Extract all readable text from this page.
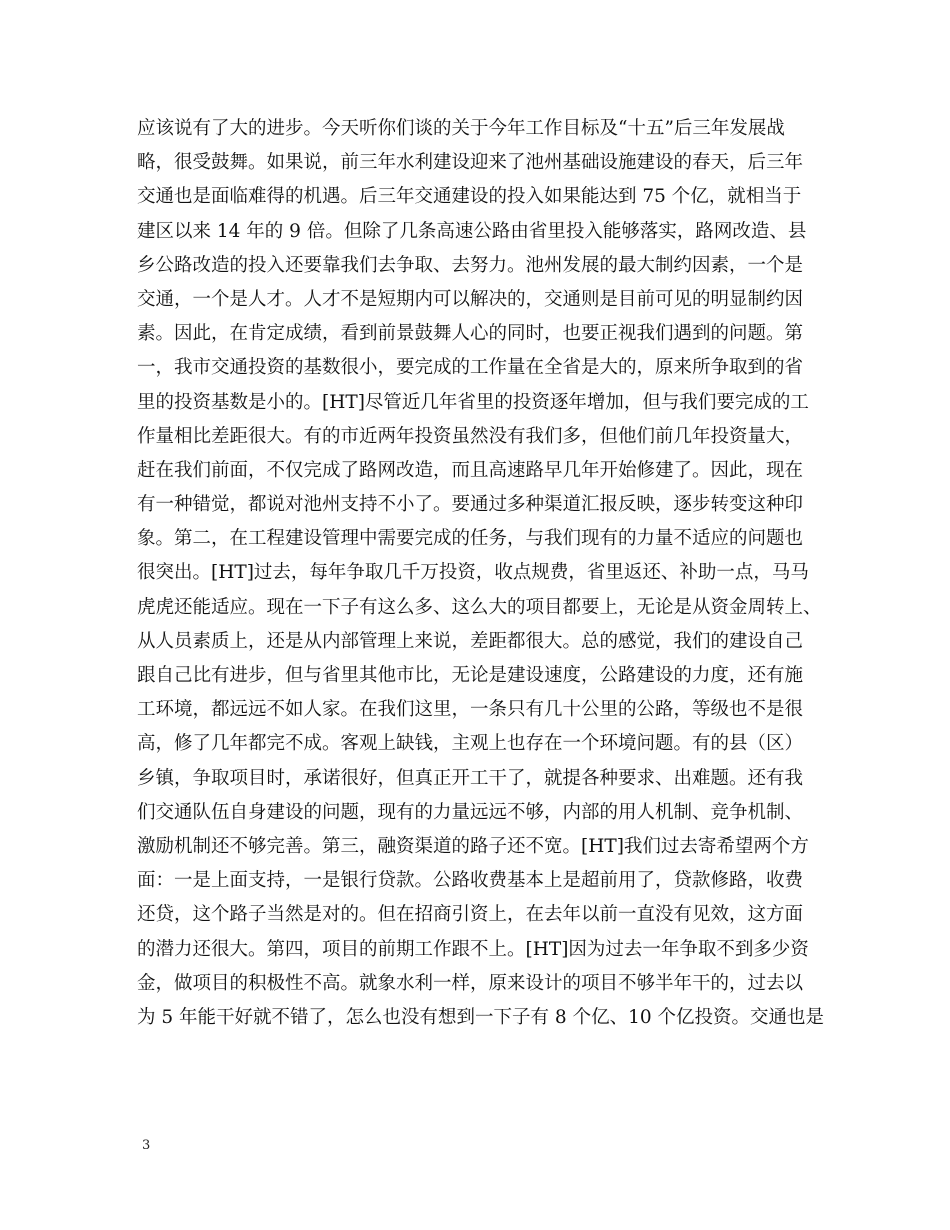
应该说有了大的进步。今天听你们谈的关于今年工作目标及“十五”后三年发展战
略，很受鼓舞。如果说，前三年水利建设迎来了池州基础设施建设的春天，后三年
交通也是面临难得的机遇。后三年交通建设的投入如果能达到 75 个亿，就相当于
建区以来 14 年的 9 倍。但除了几条高速公路由省里投入能够落实，路网改造、县
乡公路改造的投入还要靠我们去争取、去努力。池州发展的最大制约因素，一个是
交通，一个是人才。人才不是短期内可以解决的，交通则是目前可见的明显制约因
素。因此，在肯定成绩，看到前景鼓舞人心的同时，也要正视我们遇到的问题。第
一，我市交通投资的基数很小，要完成的工作量在全省是大的，原来所争取到的省
里的投资基数是小的。[HT]尽管近几年省里的投资逐年增加，但与我们要完成的工
作量相比差距很大。有的市近两年投资虽然没有我们多，但他们前几年投资量大，
赶在我们前面，不仅完成了路网改造，而且高速路早几年开始修建了。因此，现在
有一种错觉，都说对池州支持不小了。要通过多种渠道汇报反映，逐步转变这种印
象。第二，在工程建设管理中需要完成的任务，与我们现有的力量不适应的问题也
很突出。[HT]过去，每年争取几千万投资，收点规费，省里返还、补助一点，马马
虎虎还能适应。现在一下子有这么多、这么大的项目都要上，无论是从资金周转上、
从人员素质上，还是从内部管理上来说，差距都很大。总的感觉，我们的建设自己
跟自己比有进步，但与省里其他市比，无论是建设速度，公路建设的力度，还有施
工环境，都远远不如人家。在我们这里，一条只有几十公里的公路，等级也不是很
高，修了几年都完不成。客观上缺钱，主观上也存在一个环境问题。有的县（区）
乡镇，争取项目时，承诺很好，但真正开工干了，就提各种要求、出难题。还有我
们交通队伍自身建设的问题，现有的力量远远不够，内部的用人机制、竞争机制、
激励机制还不够完善。第三，融资渠道的路子还不宽。[HT]我们过去寄希望两个方
面：一是上面支持，一是银行贷款。公路收费基本上是超前用了，贷款修路，收费
还贷，这个路子当然是对的。但在招商引资上，在去年以前一直没有见效，这方面
的潜力还很大。第四，项目的前期工作跟不上。[HT]因为过去一年争取不到多少资
金，做项目的积极性不高。就象水利一样，原来设计的项目不够半年干的，过去以
为 5 年能干好就不错了，怎么也没有想到一下子有 8 个亿、10 个亿投资。交通也是
3
